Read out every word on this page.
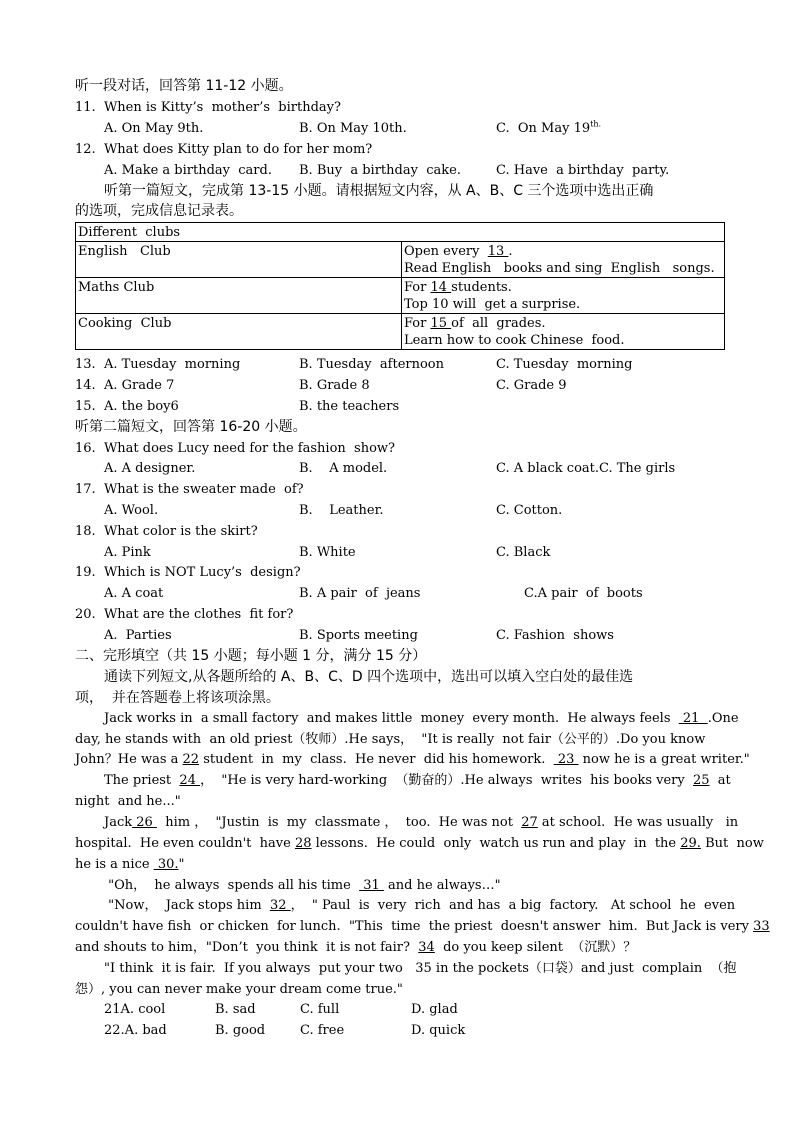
听一段对话，回答第 11-12 小题。
11.  When is Kitty’s  mother’s  birthday?
A. On May 9th.	B. On May 10th.	C.  On May $19^{th.}$
12.  What does Kitty plan to do for her mom?
A. Make a birthday  card. B. Buy  a birthday  cake.	C. Have  a birthday  party.
听第一篇短文，完成第 13-15 小题。请根据短文内容，从 A、B、C 三个选项中选出正确
的选项，完成信息记录表。
Different  clubs	
English   Club	Open every  13 .
Read English   books and sing  English   songs.
Maths Club	For 14 students.
Top 10 will  get a surprise.
Cooking  Club	For 15 of  all  grades.
Learn how to cook Chinese  food.
13.  A. Tuesday  morning	B. Tuesday  afternoon	C. Tuesday  morning
14.  A. Grade 7	B. Grade 8	C. Grade 9
15.  A. the boy6	B. the teachers
听第二篇短文，回答第 16-20 小题。
16.  What does Lucy need for the fashion  show?
A. A designer.	B.    A model.	C. A black coat.C. The girls
17.  What is the sweater made  of?
A. Wool.	B.    Leather.	C. Cotton.
18.  What color is the skirt?
A. Pink	B. White	C. Black
19.  Which is NOT Lucy’s  design?
A. A coat	B. A pair  of  jeans	C.A pair  of  boots
20.  What are the clothes  fit for?
A.  Parties	B. Sports meeting	C. Fashion  shows
二、完形填空（共 15 小题；每小题 1 分，满分 15 分）
通读下列短文,从各题所给的 A、B、C、D 四个选项中，选出可以填入空白处的最佳选
项，  并在答题卷上将该项涂黑。
Jack works in  a small factory  and makes little  money  every month.  He always feels   21  .One
day, he stands with  an old priest（牧师）.He says，  "It is really  not fair（公平的）.Do you know
John？He was a 22 student  in  my  class.  He never  did his homework.   23  now he is a great writer."
The priest  24 ，  "He is very hard-working  （勤奋的）.He always  writes  his books very  25  at
night  and he..."
Jack 26   him ，  "Justin  is  my  classmate ，  too.  He was not  27 at school.  He was usually   in
hospital.  He even couldn't  have 28 lessons.  He could  only  watch us run and play  in  the 29. But  now
he is a nice  30."
"Oh，  he always  spends all his time   31  and he always…"
"Now，  Jack stops him  32 ，  " Paul  is  very  rich  and has  a big  factory.   At school  he  even
couldn't have fish  or chicken  for lunch.  "This  time  the priest  doesn't answer  him.  But Jack is very 33
and shouts to him，"Don’t  you think  it is not fair?  34  do you keep silent  （沉默）？
"I think  it is fair.  If you always  put your two   35 in the pockets（口袋）and just  complain  （抱
怨）, you can never make your dream come true."
21A. cool	B. sad	C. full	D. glad
22.A. bad	B. good	C. free	D. quick
